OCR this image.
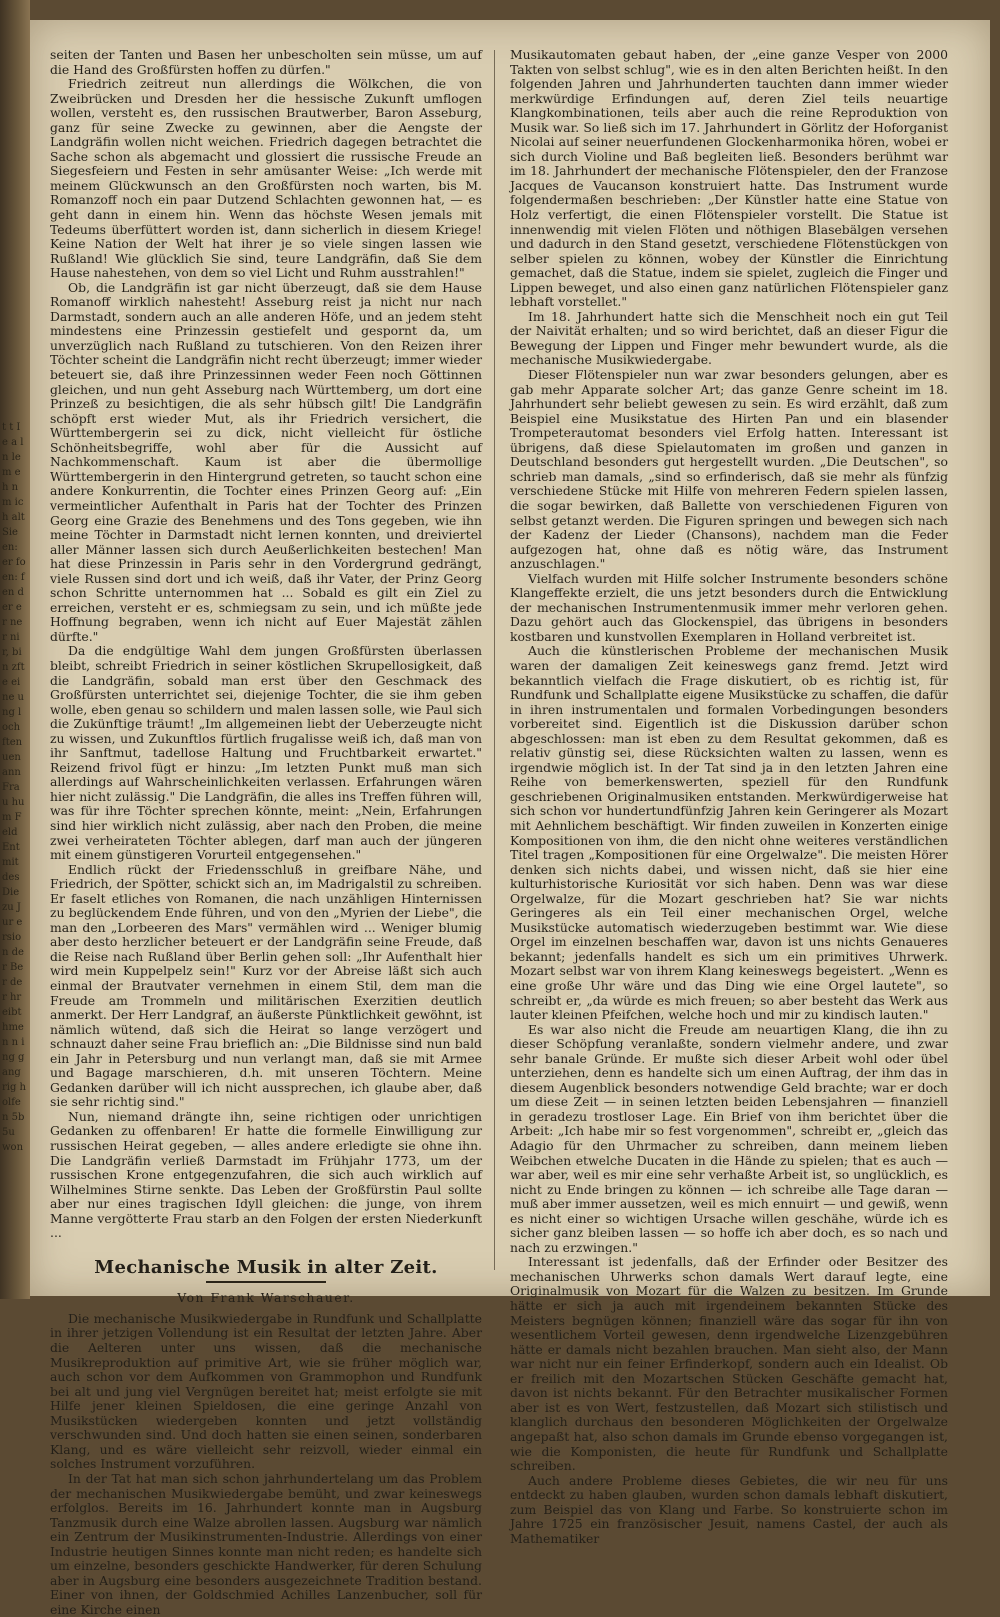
t t I e a l n le m eh n m ich alt Sie en: er fo en: fen der er ner nir, bin zfte eine ung loch ften uen ann Frau hum Feld Ent mit des Die zu Jur ersion der Ber der hreibt hmen n ing gang rig holfen 5b 5u won

seiten der Tanten und Basen her unbescholten sein müsse, um auf die Hand des Großfürsten hoffen zu dürfen."

Friedrich zeitreut nun allerdings die Wölkchen, die von Zweibrücken und Dresden her die hessische Zukunft umflogen wollen, versteht es, den russischen Brautwerber, Baron Asseburg, ganz für seine Zwecke zu gewinnen, aber die Aengste der Landgräfin wollen nicht weichen. Friedrich dagegen betrachtet die Sache schon als abgemacht und glossiert die russische Freude an Siegesfeiern und Festen in sehr amüsanter Weise: „Ich werde mit meinem Glückwunsch an den Großfürsten noch warten, bis M. Romanzoff noch ein paar Dutzend Schlachten gewonnen hat, — es geht dann in einem hin. Wenn das höchste Wesen jemals mit Tedeums überfüttert worden ist, dann sicherlich in diesem Kriege! Keine Nation der Welt hat ihrer je so viele singen lassen wie Rußland! Wie glücklich Sie sind, teure Landgräfin, daß Sie dem Hause nahestehen, von dem so viel Licht und Ruhm ausstrahlen!"

Ob, die Landgräfin ist gar nicht überzeugt, daß sie dem Hause Romanoff wirklich nahesteht! Asseburg reist ja nicht nur nach Darmstadt, sondern auch an alle anderen Höfe, und an jedem steht mindestens eine Prinzessin gestiefelt und gespornt da, um unverzüglich nach Rußland zu tutschieren. Von den Reizen ihrer Töchter scheint die Landgräfin nicht recht überzeugt; immer wieder beteuert sie, daß ihre Prinzessinnen weder Feen noch Göttinnen gleichen, und nun geht Asseburg nach Württemberg, um dort eine Prinzeß zu besichtigen, die als sehr hübsch gilt! Die Landgräfin schöpft erst wieder Mut, als ihr Friedrich versichert, die Württembergerin sei zu dick, nicht vielleicht für östliche Schönheitsbegriffe, wohl aber für die Aussicht auf Nachkommenschaft. Kaum ist aber die übermollige Württembergerin in den Hintergrund getreten, so taucht schon eine andere Konkurrentin, die Tochter eines Prinzen Georg auf: „Ein vermeintlicher Aufenthalt in Paris hat der Tochter des Prinzen Georg eine Grazie des Benehmens und des Tons gegeben, wie ihn meine Töchter in Darmstadt nicht lernen konnten, und dreiviertel aller Männer lassen sich durch Aeußerlichkeiten bestechen! Man hat diese Prinzessin in Paris sehr in den Vordergrund gedrängt, viele Russen sind dort und ich weiß, daß ihr Vater, der Prinz Georg schon Schritte unternommen hat ... Sobald es gilt ein Ziel zu erreichen, versteht er es, schmiegsam zu sein, und ich müßte jede Hoffnung begraben, wenn ich nicht auf Euer Majestät zählen dürfte."

Da die endgültige Wahl dem jungen Großfürsten überlassen bleibt, schreibt Friedrich in seiner köstlichen Skrupellosigkeit, daß die Landgräfin, sobald man erst über den Geschmack des Großfürsten unterrichtet sei, diejenige Tochter, die sie ihm geben wolle, eben genau so schildern und malen lassen solle, wie Paul sich die Zukünftige träumt! „Im allgemeinen liebt der Ueberzeugte nicht zu wissen, und Zukunftlos fürtlich frugalisse weiß ich, daß man von ihr Sanftmut, tadellose Haltung und Fruchtbarkeit erwartet." Reizend frivol fügt er hinzu: „Im letzten Punkt muß man sich allerdings auf Wahrscheinlichkeiten verlassen. Erfahrungen wären hier nicht zulässig." Die Landgräfin, die alles ins Treffen führen will, was für ihre Töchter sprechen könnte, meint: „Nein, Erfahrungen sind hier wirklich nicht zulässig, aber nach den Proben, die meine zwei verheirateten Töchter ablegen, darf man auch der jüngeren mit einem günstigeren Vorurteil entgegensehen."

Endlich rückt der Friedensschluß in greifbare Nähe, und Friedrich, der Spötter, schickt sich an, im Madrigalstil zu schreiben. Er faselt etliches von Romanen, die nach unzähligen Hinternissen zu beglückendem Ende führen, und von den „Myrien der Liebe", die man den „Lorbeeren des Mars" vermählen wird ... Weniger blumig aber desto herzlicher beteuert er der Landgräfin seine Freude, daß die Reise nach Rußland über Berlin gehen soll: „Ihr Aufenthalt hier wird mein Kuppelpelz sein!" Kurz vor der Abreise läßt sich auch einmal der Brautvater vernehmen in einem Stil, dem man die Freude am Trommeln und militärischen Exerzitien deutlich anmerkt. Der Herr Landgraf, an äußerste Pünktlichkeit gewöhnt, ist nämlich wütend, daß sich die Heirat so lange verzögert und schnauzt daher seine Frau brieflich an: „Die Bildnisse sind nun bald ein Jahr in Petersburg und nun verlangt man, daß sie mit Armee und Bagage marschieren, d.h. mit unseren Töchtern. Meine Gedanken darüber will ich nicht aussprechen, ich glaube aber, daß sie sehr richtig sind."

Nun, niemand drängte ihn, seine richtigen oder unrichtigen Gedanken zu offenbaren! Er hatte die formelle Einwilligung zur russischen Heirat gegeben, — alles andere erledigte sie ohne ihn. Die Landgräfin verließ Darmstadt im Frühjahr 1773, um der russischen Krone entgegenzufahren, die sich auch wirklich auf Wilhelmines Stirne senkte. Das Leben der Großfürstin Paul sollte aber nur eines tragischen Idyll gleichen: die junge, von ihrem Manne vergötterte Frau starb an den Folgen der ersten Niederkunft ...

Mechanische Musik in alter Zeit.
Von Frank Warschauer.

Die mechanische Musikwiedergabe in Rundfunk und Schallplatte in ihrer jetzigen Vollendung ist ein Resultat der letzten Jahre. Aber die Aelteren unter uns wissen, daß die mechanische Musikreproduktion auf primitive Art, wie sie früher möglich war, auch schon vor dem Aufkommen von Grammophon und Rundfunk bei alt und jung viel Vergnügen bereitet hat; meist erfolgte sie mit Hilfe jener kleinen Spieldosen, die eine geringe Anzahl von Musikstücken wiedergeben konnten und jetzt vollständig verschwunden sind. Und doch hatten sie einen seinen, sonderbaren Klang, und es wäre vielleicht sehr reizvoll, wieder einmal ein solches Instrument vorzuführen.

In der Tat hat man sich schon jahrhundertelang um das Problem der mechanischen Musikwiedergabe bemüht, und zwar keineswegs erfolglos. Bereits im 16. Jahrhundert konnte man in Augsburg Tanzmusik durch eine Walze abrollen lassen. Augsburg war nämlich ein Zentrum der Musikinstrumenten-Industrie. Allerdings von einer Industrie heutigen Sinnes konnte man nicht reden; es handelte sich um einzelne, besonders geschickte Handwerker, für deren Schulung aber in Augsburg eine besonders ausgezeichnete Tradition bestand. Einer von ihnen, der Goldschmied Achilles Lanzenbucher, soll für eine Kirche einen

Musikautomaten gebaut haben, der „eine ganze Vesper von 2000 Takten von selbst schlug", wie es in den alten Berichten heißt. In den folgenden Jahren und Jahrhunderten tauchten dann immer wieder merkwürdige Erfindungen auf, deren Ziel teils neuartige Klangkombinationen, teils aber auch die reine Reproduktion von Musik war. So ließ sich im 17. Jahrhundert in Görlitz der Hoforganist Nicolai auf seiner neuerfundenen Glockenharmonika hören, wobei er sich durch Violine und Baß begleiten ließ. Besonders berühmt war im 18. Jahrhundert der mechanische Flötenspieler, den der Franzose Jacques de Vaucanson konstruiert hatte. Das Instrument wurde folgendermaßen beschrieben: „Der Künstler hatte eine Statue von Holz verfertigt, die einen Flötenspieler vorstellt. Die Statue ist innenwendig mit vielen Flöten und nöthigen Blasebälgen versehen und dadurch in den Stand gesetzt, verschiedene Flötenstückgen von selber spielen zu können, wobey der Künstler die Einrichtung gemachet, daß die Statue, indem sie spielet, zugleich die Finger und Lippen beweget, und also einen ganz natürlichen Flötenspieler ganz lebhaft vorstellet."

Im 18. Jahrhundert hatte sich die Menschheit noch ein gut Teil der Naivität erhalten; und so wird berichtet, daß an dieser Figur die Bewegung der Lippen und Finger mehr bewundert wurde, als die mechanische Musikwiedergabe.

Dieser Flötenspieler nun war zwar besonders gelungen, aber es gab mehr Apparate solcher Art; das ganze Genre scheint im 18. Jahrhundert sehr beliebt gewesen zu sein. Es wird erzählt, daß zum Beispiel eine Musikstatue des Hirten Pan und ein blasender Trompeterautomat besonders viel Erfolg hatten. Interessant ist übrigens, daß diese Spielautomaten im großen und ganzen in Deutschland besonders gut hergestellt wurden. „Die Deutschen", so schrieb man damals, „sind so erfinderisch, daß sie mehr als fünfzig verschiedene Stücke mit Hilfe von mehreren Federn spielen lassen, die sogar bewirken, daß Ballette von verschiedenen Figuren von selbst getanzt werden. Die Figuren springen und bewegen sich nach der Kadenz der Lieder (Chansons), nachdem man die Feder aufgezogen hat, ohne daß es nötig wäre, das Instrument anzuschlagen."

Vielfach wurden mit Hilfe solcher Instrumente besonders schöne Klangeffekte erzielt, die uns jetzt besonders durch die Entwicklung der mechanischen Instrumentenmusik immer mehr verloren gehen. Dazu gehört auch das Glockenspiel, das übrigens in besonders kostbaren und kunstvollen Exemplaren in Holland verbreitet ist.

Auch die künstlerischen Probleme der mechanischen Musik waren der damaligen Zeit keineswegs ganz fremd. Jetzt wird bekanntlich vielfach die Frage diskutiert, ob es richtig ist, für Rundfunk und Schallplatte eigene Musikstücke zu schaffen, die dafür in ihren instrumentalen und formalen Vorbedingungen besonders vorbereitet sind. Eigentlich ist die Diskussion darüber schon abgeschlossen: man ist eben zu dem Resultat gekommen, daß es relativ günstig sei, diese Rücksichten walten zu lassen, wenn es irgendwie möglich ist. In der Tat sind ja in den letzten Jahren eine Reihe von bemerkenswerten, speziell für den Rundfunk geschriebenen Originalmusiken entstanden. Merkwürdigerweise hat sich schon vor hundertundfünfzig Jahren kein Geringerer als Mozart mit Aehnlichem beschäftigt. Wir finden zuweilen in Konzerten einige Kompositionen von ihm, die den nicht ohne weiteres verständlichen Titel tragen „Kompositionen für eine Orgelwalze". Die meisten Hörer denken sich nichts dabei, und wissen nicht, daß sie hier eine kulturhistorische Kuriosität vor sich haben. Denn was war diese Orgelwalze, für die Mozart geschrieben hat? Sie war nichts Geringeres als ein Teil einer mechanischen Orgel, welche Musikstücke automatisch wiederzugeben bestimmt war. Wie diese Orgel im einzelnen beschaffen war, davon ist uns nichts Genaueres bekannt; jedenfalls handelt es sich um ein primitives Uhrwerk. Mozart selbst war von ihrem Klang keineswegs begeistert. „Wenn es eine große Uhr wäre und das Ding wie eine Orgel lautete", so schreibt er, „da würde es mich freuen; so aber besteht das Werk aus lauter kleinen Pfeifchen, welche hoch und mir zu kindisch lauten."

Es war also nicht die Freude am neuartigen Klang, die ihn zu dieser Schöpfung veranlaßte, sondern vielmehr andere, und zwar sehr banale Gründe. Er mußte sich dieser Arbeit wohl oder übel unterziehen, denn es handelte sich um einen Auftrag, der ihm das in diesem Augenblick besonders notwendige Geld brachte; war er doch um diese Zeit — in seinen letzten beiden Lebensjahren — finanziell in geradezu trostloser Lage. Ein Brief von ihm berichtet über die Arbeit: „Ich habe mir so fest vorgenommen", schreibt er, „gleich das Adagio für den Uhrmacher zu schreiben, dann meinem lieben Weibchen etwelche Ducaten in die Hände zu spielen; that es auch — war aber, weil es mir eine sehr verhaßte Arbeit ist, so unglücklich, es nicht zu Ende bringen zu können — ich schreibe alle Tage daran — muß aber immer aussetzen, weil es mich ennuirt — und gewiß, wenn es nicht einer so wichtigen Ursache willen geschähe, würde ich es sicher ganz bleiben lassen — so hoffe ich aber doch, es so nach und nach zu erzwingen."

Interessant ist jedenfalls, daß der Erfinder oder Besitzer des mechanischen Uhrwerks schon damals Wert darauf legte, eine Originalmusik von Mozart für die Walzen zu besitzen. Im Grunde hätte er sich ja auch mit irgendeinem bekannten Stücke des Meisters begnügen können; finanziell wäre das sogar für ihn von wesentlichem Vorteil gewesen, denn irgendwelche Lizenzgebühren hätte er damals nicht bezahlen brauchen. Man sieht also, der Mann war nicht nur ein feiner Erfinderkopf, sondern auch ein Idealist. Ob er freilich mit den Mozartschen Stücken Geschäfte gemacht hat, davon ist nichts bekannt. Für den Betrachter musikalischer Formen aber ist es von Wert, festzustellen, daß Mozart sich stilistisch und klanglich durchaus den besonderen Möglichkeiten der Orgelwalze angepaßt hat, also schon damals im Grunde ebenso vorgegangen ist, wie die Komponisten, die heute für Rundfunk und Schallplatte schreiben.

Auch andere Probleme dieses Gebietes, die wir neu für uns entdeckt zu haben glauben, wurden schon damals lebhaft diskutiert, zum Beispiel das von Klang und Farbe. So konstruierte schon im Jahre 1725 ein französischer Jesuit, namens Castel, der auch als Mathematiker
